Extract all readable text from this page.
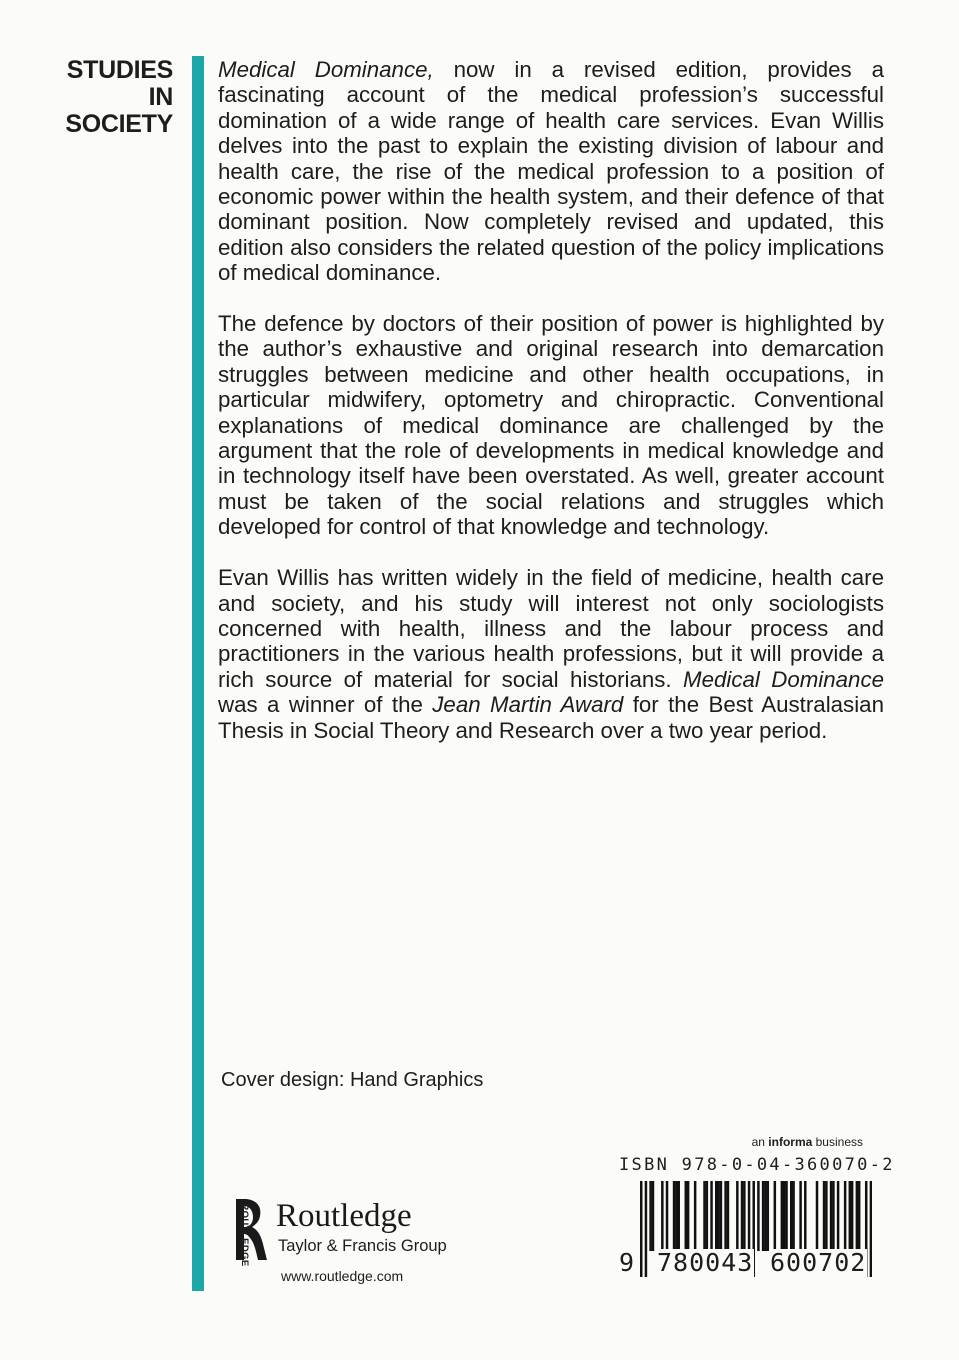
STUDIES
IN
SOCIETY

Medical Dominance, now in a revised edition, provides a fascinating account of the medical profession’s successful domination of a wide range of health care services. Evan Willis delves into the past to explain the existing division of labour and health care, the rise of the medical profession to a position of economic power within the health system, and their defence of that dominant position. Now completely revised and updated, this edition also considers the related question of the policy implications of medical dominance.

The defence by doctors of their position of power is highlighted by the author’s exhaustive and original research into demarcation struggles between medicine and other health occupations, in particular midwifery, optometry and chiropractic. Conventional explanations of medical dominance are challenged by the argument that the role of developments in medical knowledge and in technology itself have been overstated. As well, greater account must be taken of the social relations and struggles which developed for control of that knowledge and technology.

Evan Willis has written widely in the field of medicine, health care and society, and his study will interest not only sociologists concerned with health, illness and the labour process and practitioners in the various health professions, but it will provide a rich source of material for social historians. Medical Dominance was a winner of the Jean Martin Award for the Best Australasian Thesis in Social Theory and Research over a two year period.

Cover design: Hand Graphics
ROUTLEDGE Routledge
Taylor & Francis Group
www.routledge.com
an informa business
ISBN 978-0-04-360070-2
9 780043 600702
